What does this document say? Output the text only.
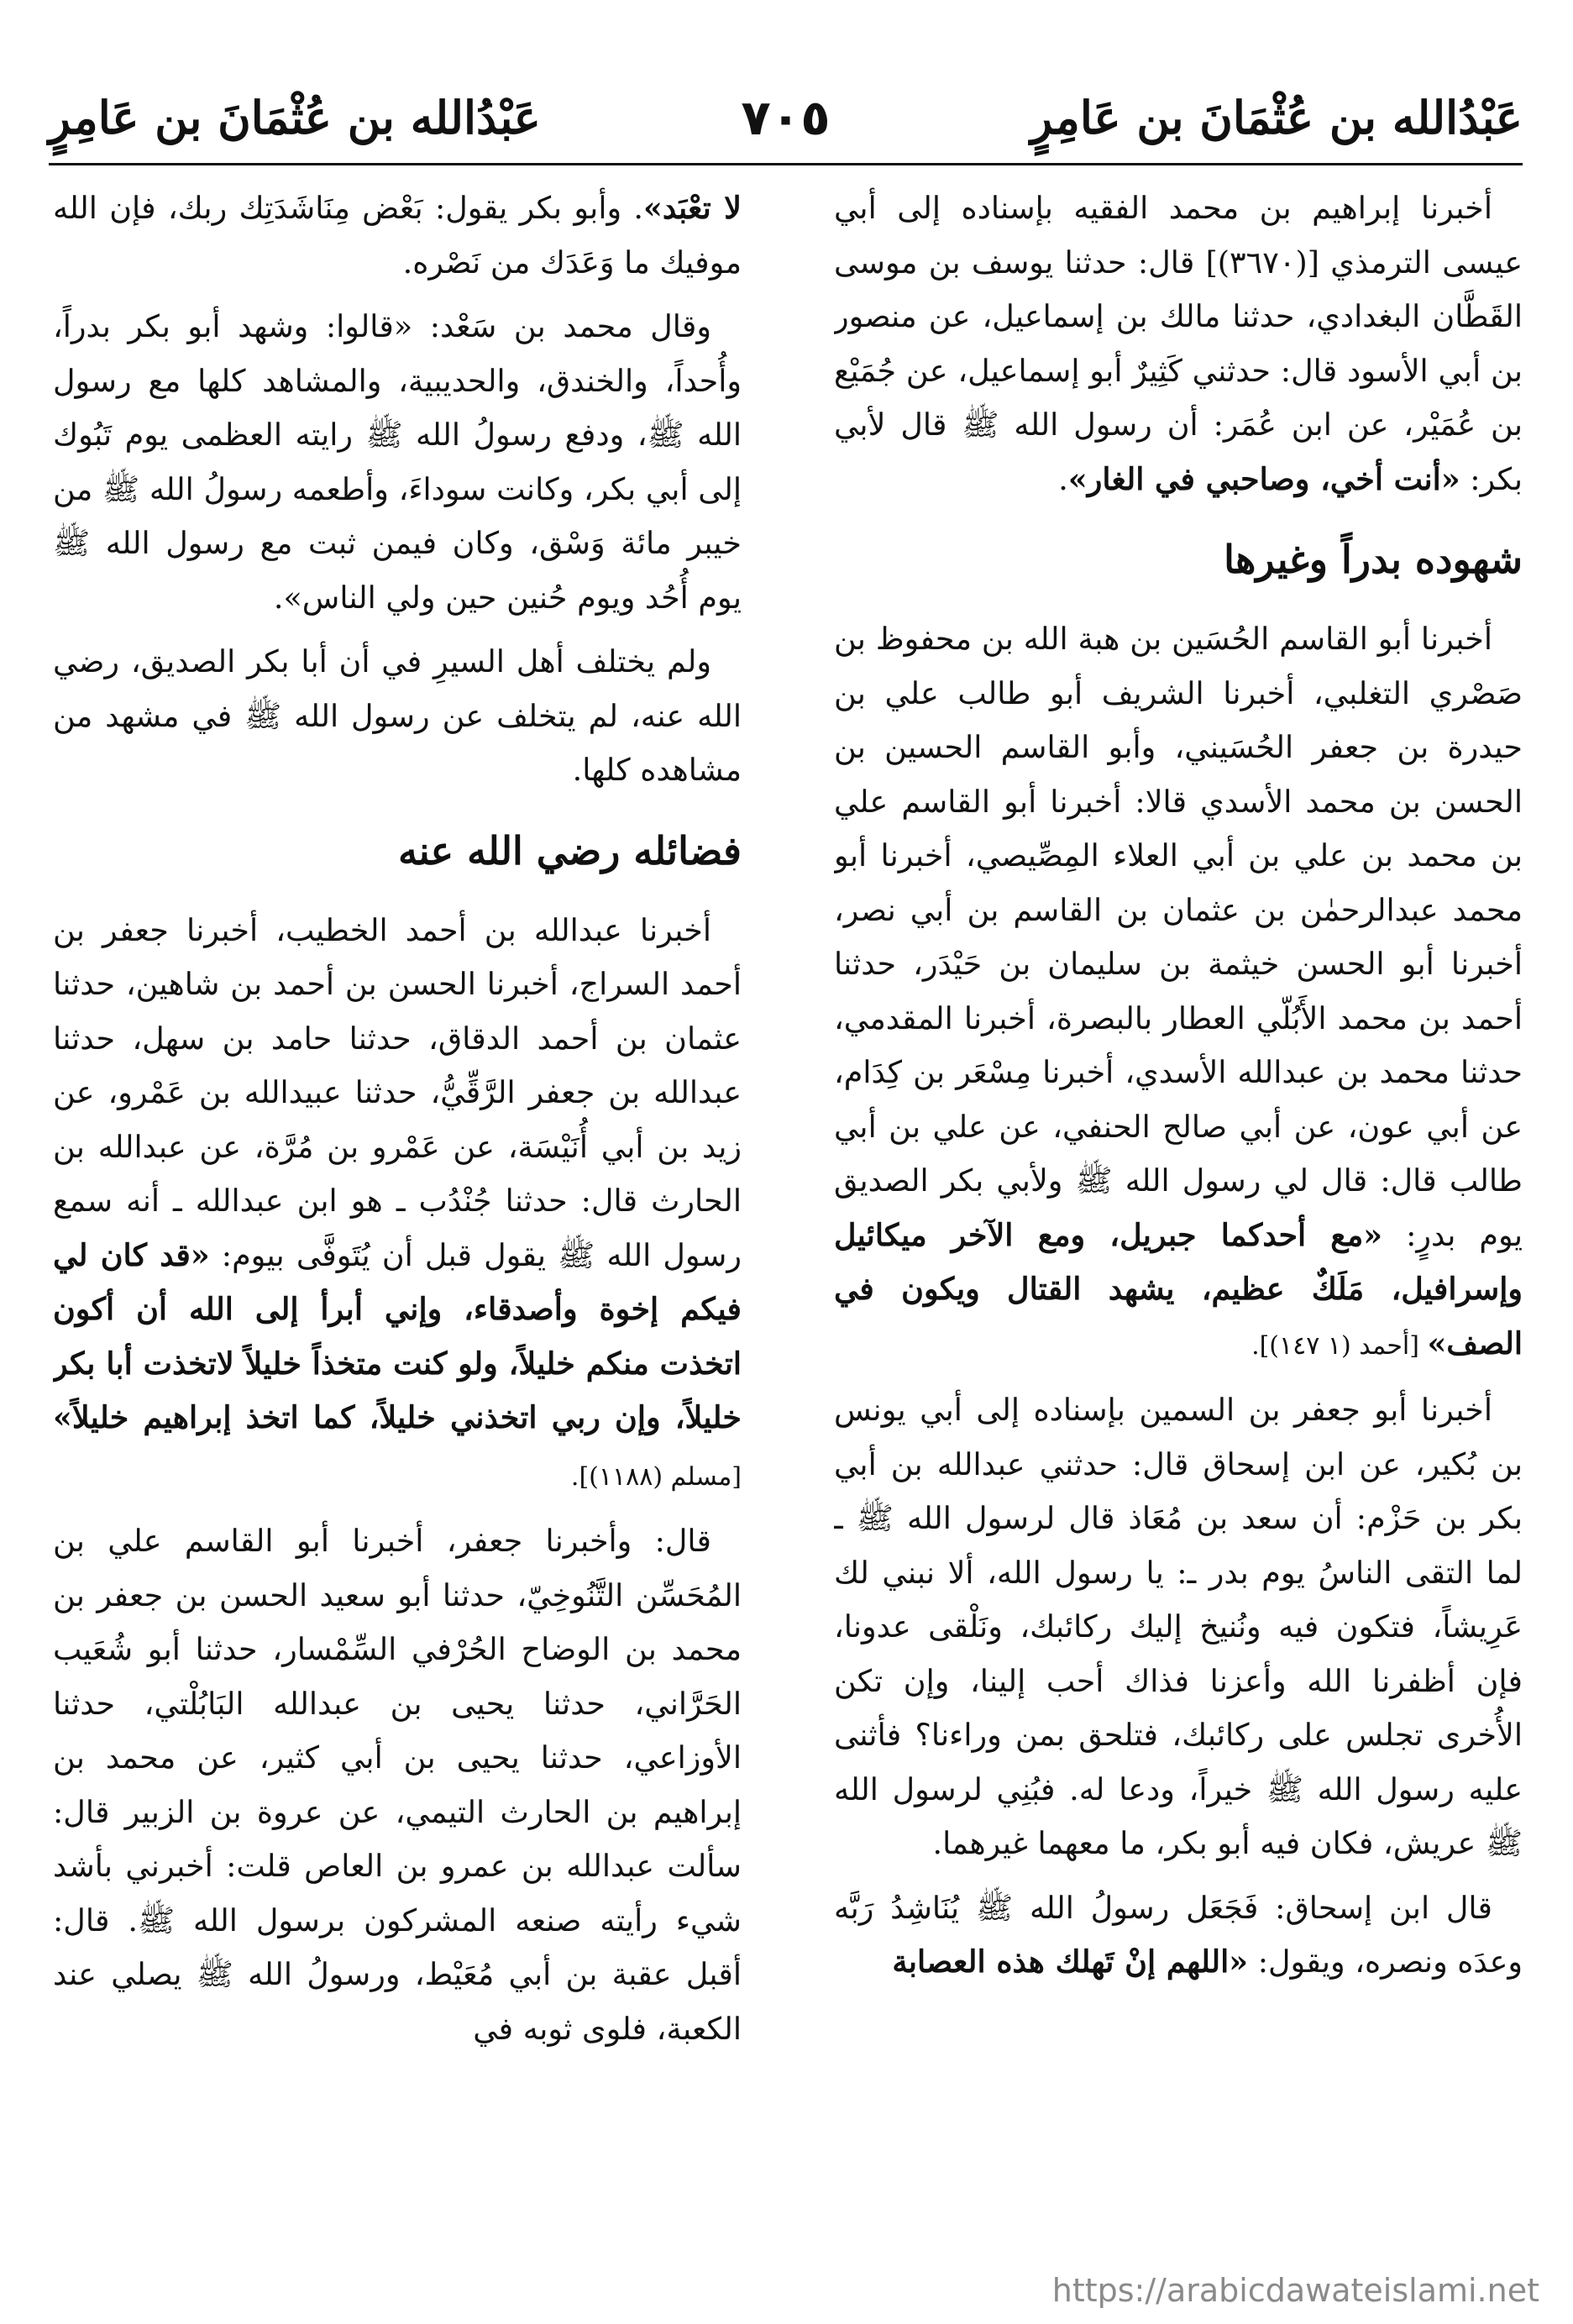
عَبْدُالله بن عُثْمَانَ بن عَامِرٍ
٧٠٥
عَبْدُالله بن عُثْمَانَ بن عَامِرٍ

أخبرنا إبراهيم بن محمد الفقيه بإسناده إلى أبي عيسى الترمذي [(٣٦٧٠)] قال: حدثنا يوسف بن موسى القَطَّان البغدادي، حدثنا مالك بن إسماعيل، عن منصور بن أبي الأسود قال: حدثني كَثِيرٌ أبو إسماعيل، عن جُمَيْع بن عُمَيْر، عن ابن عُمَر: أن رسول الله ﷺ قال لأبي بكر: «أنت أخي، وصاحبي في الغار».

شهوده بدراً وغيرها

أخبرنا أبو القاسم الحُسَين بن هبة الله بن محفوظ بن صَصْري التغلبي، أخبرنا الشريف أبو طالب علي بن حيدرة بن جعفر الحُسَيني، وأبو القاسم الحسين بن الحسن بن محمد الأسدي قالا: أخبرنا أبو القاسم علي بن محمد بن علي بن أبي العلاء المِصِّيصي، أخبرنا أبو محمد عبدالرحمٰن بن عثمان بن القاسم بن أبي نصر، أخبرنا أبو الحسن خيثمة بن سليمان بن حَيْدَر، حدثنا أحمد بن محمد الأَبُلّي العطار بالبصرة، أخبرنا المقدمي، حدثنا محمد بن عبدالله الأسدي، أخبرنا مِسْعَر بن كِدَام، عن أبي عون، عن أبي صالح الحنفي، عن علي بن أبي طالب قال: قال لي رسول الله ﷺ ولأبي بكر الصديق يوم بدرٍ: «مع أحدكما جبريل، ومع الآخر ميكائيل وإسرافيل، مَلَكٌ عظيم، يشهد القتال ويكون في الصف» [أحمد (١ ١٤٧)].

أخبرنا أبو جعفر بن السمين بإسناده إلى أبي يونس بن بُكير، عن ابن إسحاق قال: حدثني عبدالله بن أبي بكر بن حَزْم: أن سعد بن مُعَاذ قال لرسول الله ﷺ ـ لما التقى الناسُ يوم بدر ـ: يا رسول الله، ألا نبني لك عَرِيشاً، فتكون فيه ونُنيخ إليك ركائبك، ونَلْقى عدونا، فإن أظفرنا الله وأعزنا فذاك أحب إلينا، وإن تكن الأُخرى تجلس على ركائبك، فتلحق بمن وراءنا؟ فأثنى عليه رسول الله ﷺ خيراً، ودعا له. فبُنِي لرسول الله ﷺ عريش، فكان فيه أبو بكر، ما معهما غيرهما.

قال ابن إسحاق: فَجَعَل رسولُ الله ﷺ يُنَاشِدُ رَبَّه وعدَه ونصره، ويقول: «اللهم إنْ تَهلك هذه العصابة

لا تعْبَد». وأبو بكر يقول: بَعْض مِنَاشَدَتِك ربك، فإن الله موفيك ما وَعَدَك من نَصْره.

وقال محمد بن سَعْد: «قالوا: وشهد أبو بكر بدراً، وأُحداً، والخندق، والحديبية، والمشاهد كلها مع رسول الله ﷺ، ودفع رسولُ الله ﷺ رايته العظمى يوم تَبُوك إلى أبي بكر، وكانت سوداءَ، وأطعمه رسولُ الله ﷺ من خيبر مائة وَسْق، وكان فيمن ثبت مع رسول الله ﷺ يوم أُحُد ويوم حُنين حين ولي الناس».

ولم يختلف أهل السيرِ في أن أبا بكر الصديق، رضي الله عنه، لم يتخلف عن رسول الله ﷺ في مشهد من مشاهده كلها.

فضائله رضي الله عنه

أخبرنا عبدالله بن أحمد الخطيب، أخبرنا جعفر بن أحمد السراج، أخبرنا الحسن بن أحمد بن شاهين، حدثنا عثمان بن أحمد الدقاق، حدثنا حامد بن سهل، حدثنا عبدالله بن جعفر الرَّقِّيُّ، حدثنا عبيدالله بن عَمْرو، عن زيد بن أبي أُنَيْسَة، عن عَمْرو بن مُرَّة، عن عبدالله بن الحارث قال: حدثنا جُنْدُب ـ هو ابن عبدالله ـ أنه سمع رسول الله ﷺ يقول قبل أن يُتَوفَّى بيوم: «قد كان لي فيكم إخوة وأصدقاء، وإني أبرأ إلى الله أن أكون اتخذت منكم خليلاً، ولو كنت متخذاً خليلاً لاتخذت أبا بكر خليلاً، وإن ربي اتخذني خليلاً، كما اتخذ إبراهيم خليلاً» [مسلم (١١٨٨)].

قال: وأخبرنا جعفر، أخبرنا أبو القاسم علي بن المُحَسِّن التَّنُوخِيّ، حدثنا أبو سعيد الحسن بن جعفر بن محمد بن الوضاح الحُرْفي السِّمْسار، حدثنا أبو شُعَيب الحَرَّاني، حدثنا يحيى بن عبدالله البَابُلْتي، حدثنا الأوزاعي، حدثنا يحيى بن أبي كثير، عن محمد بن إبراهيم بن الحارث التيمي، عن عروة بن الزبير قال: سألت عبدالله بن عمرو بن العاص قلت: أخبرني بأشد شيء رأيته صنعه المشركون برسول الله ﷺ. قال: أقبل عقبة بن أبي مُعَيْط، ورسولُ الله ﷺ يصلي عند الكعبة، فلوى ثوبه في

https://arabicdawateislami.net
